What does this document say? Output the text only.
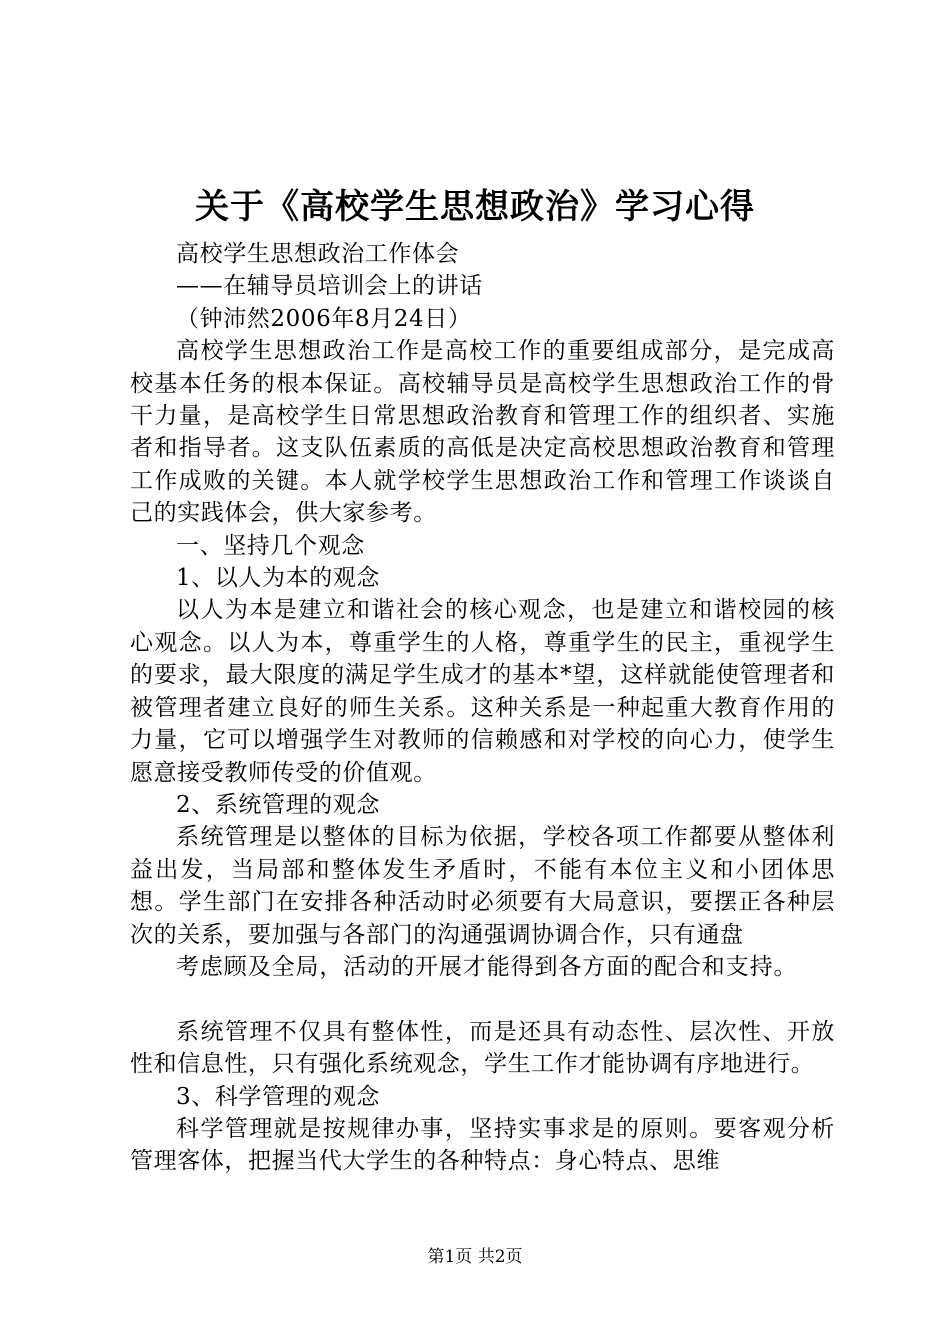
关于《高校学生思想政治》学习心得

高校学生思想政治工作体会

——在辅导员培训会上的讲话

（钟沛然2006年8月24日）

高校学生思想政治工作是高校工作的重要组成部分，是完成高校基本任务的根本保证。高校辅导员是高校学生思想政治工作的骨干力量，是高校学生日常思想政治教育和管理工作的组织者、实施者和指导者。这支队伍素质的高低是决定高校思想政治教育和管理工作成败的关键。本人就学校学生思想政治工作和管理工作谈谈自己的实践体会，供大家参考。

一、坚持几个观念

1、以人为本的观念

以人为本是建立和谐社会的核心观念，也是建立和谐校园的核心观念。以人为本，尊重学生的人格，尊重学生的民主，重视学生的要求，最大限度的满足学生成才的基本*望，这样就能使管理者和被管理者建立良好的师生关系。这种关系是一种起重大教育作用的力量，它可以增强学生对教师的信赖感和对学校的向心力，使学生愿意接受教师传受的价值观。

2、系统管理的观念

系统管理是以整体的目标为依据，学校各项工作都要从整体利益出发，当局部和整体发生矛盾时，不能有本位主义和小团体思想。学生部门在安排各种活动时必须要有大局意识，要摆正各种层次的关系，要加强与各部门的沟通强调协调合作，只有通盘

考虑顾及全局，活动的开展才能得到各方面的配合和支持。

系统管理不仅具有整体性，而是还具有动态性、层次性、开放性和信息性，只有强化系统观念，学生工作才能协调有序地进行。

3、科学管理的观念

科学管理就是按规律办事，坚持实事求是的原则。要客观分析管理客体，把握当代大学生的各种特点：身心特点、思维

第1页 共2页
